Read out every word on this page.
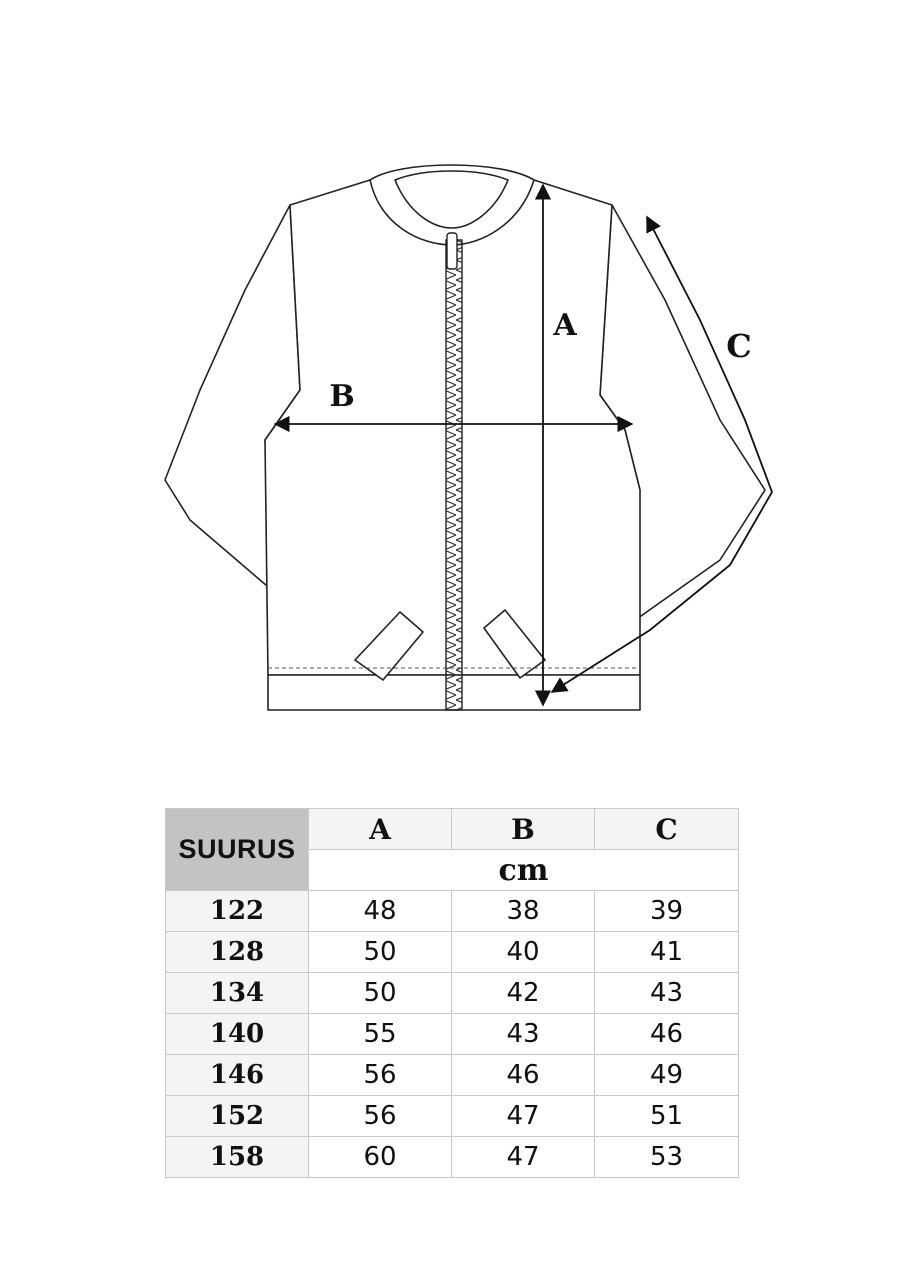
A
B
C
SUURUS	A	B	C
	cm		
122	48	38	39
128	50	40	41
134	50	42	43
140	55	43	46
146	56	46	49
152	56	47	51
158	60	47	53
